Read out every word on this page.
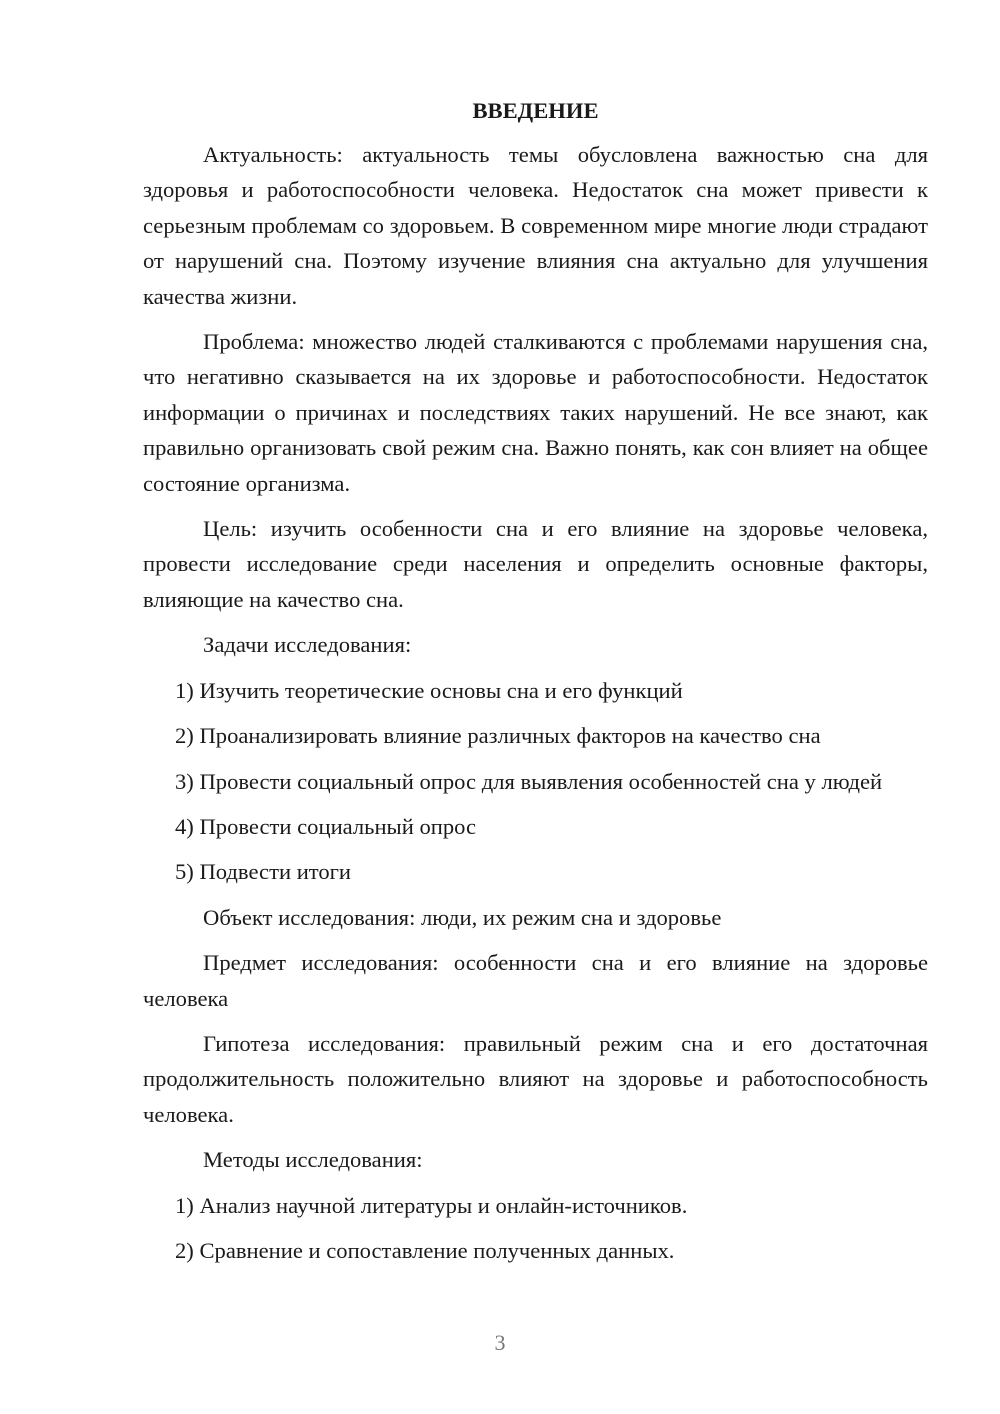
ВВЕДЕНИЕ

Актуальность: актуальность темы обусловлена важностью сна для здоровья и работоспособности человека. Недостаток сна может привести к серьезным проблемам со здоровьем. В современном мире многие люди страдают от нарушений сна. Поэтому изучение влияния сна актуально для улучшения качества жизни.

Проблема: множество людей сталкиваются с проблемами нарушения сна, что негативно сказывается на их здоровье и работоспособности. Недостаток информации о причинах и последствиях таких нарушений. Не все знают, как правильно организовать свой режим сна. Важно понять, как сон влияет на общее состояние организма.

Цель: изучить особенности сна и его влияние на здоровье человека, провести исследование среди населения и определить основные факторы, влияющие на качество сна.

Задачи исследования:

1) Изучить теоретические основы сна и его функций

2) Проанализировать влияние различных факторов на качество сна

3) Провести социальный опрос для выявления особенностей сна у людей

4) Провести социальный опрос

5) Подвести итоги

Объект исследования: люди, их режим сна и здоровье

Предмет исследования: особенности сна и его влияние на здоровье человека

Гипотеза исследования: правильный режим сна и его достаточная продолжительность положительно влияют на здоровье и работоспособность человека.

Методы исследования:

1) Анализ научной литературы и онлайн-источников.

2) Сравнение и сопоставление полученных данных.

3
